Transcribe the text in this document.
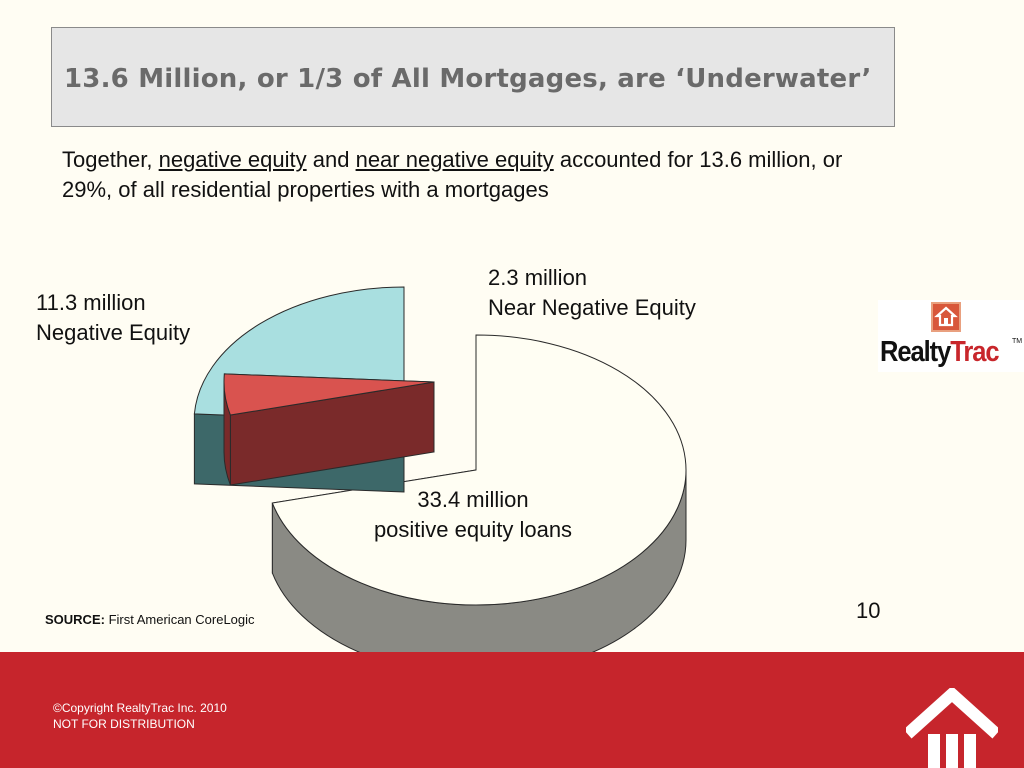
13.6 Million, or 1/3 of All Mortgages, are ‘Underwater’
Together, negative equity and near negative equity accounted for 13.6 million, or 29%, of all residential properties with a mortgages
11.3 million
Negative Equity
2.3 million
Near Negative Equity
33.4 million
positive equity loans
RealtyTrac TM
SOURCE: First American CoreLogic	10
©Copyright RealtyTrac Inc. 2010
NOT FOR DISTRIBUTION
